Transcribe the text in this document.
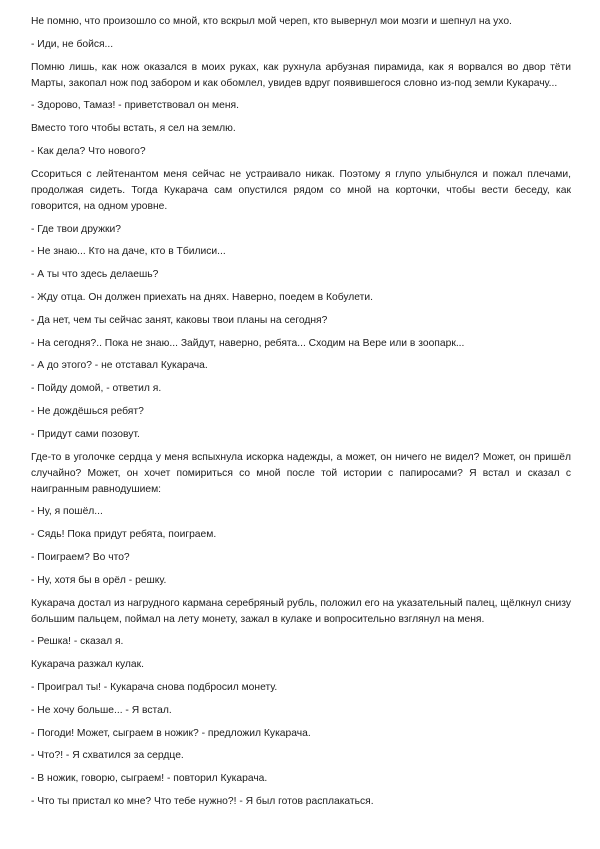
Не помню, что произошло со мной, кто вскрыл мой череп, кто вывернул мои мозги и шепнул на ухо.

- Иди, не бойся...

Помню лишь, как нож оказался в моих руках, как рухнула арбузная пирамида, как я ворвался во двор тёти Марты, закопал нож под забором и как обомлел, увидев вдруг появившегося словно из-под земли Кукарачу...

- Здорово, Тамаз! - приветствовал он меня.

Вместо того чтобы встать, я сел на землю.

- Как дела? Что нового?

Ссориться с лейтенантом меня сейчас не устраивало никак. Поэтому я глупо улыбнулся и пожал плечами, продолжая сидеть. Тогда Кукарача сам опустился рядом со мной на корточки, чтобы вести беседу, как говорится, на одном уровне.

- Где твои дружки?

- Не знаю... Кто на даче, кто в Тбилиси...

- А ты что здесь делаешь?

- Жду отца. Он должен приехать на днях. Наверно, поедем в Кобулети.

- Да нет, чем ты сейчас занят, каковы твои планы на сегодня?

- На сегодня?.. Пока не знаю... Зайдут, наверно, ребята... Сходим на Вере или в зоопарк...

- А до этого? - не отставал Кукарача.

- Пойду домой, - ответил я.

- Не дождёшься ребят?

- Придут сами позовут.

Где-то в уголочке сердца у меня вспыхнула искорка надежды, а может, он ничего не видел? Может, он пришёл случайно? Может, он хочет помириться со мной после той истории с папиросами? Я встал и сказал с наигранным равнодушием:

- Ну, я пошёл...

- Сядь! Пока придут ребята, поиграем.

- Поиграем? Во что?

- Ну, хотя бы в орёл - решку.

Кукарача достал из нагрудного кармана серебряный рубль, положил его на указательный палец, щёлкнул снизу большим пальцем, поймал на лету монету, зажал в кулаке и вопросительно взглянул на меня.

- Решка! - сказал я.

Кукарача разжал кулак.

- Проиграл ты! - Кукарача снова подбросил монету.

- Не хочу больше... - Я встал.

- Погоди! Может, сыграем в ножик? - предложил Кукарача.

- Что?! - Я схватился за сердце.

- В ножик, говорю, сыграем! - повторил Кукарача.

- Что ты пристал ко мне? Что тебе нужно?! - Я был готов расплакаться.
